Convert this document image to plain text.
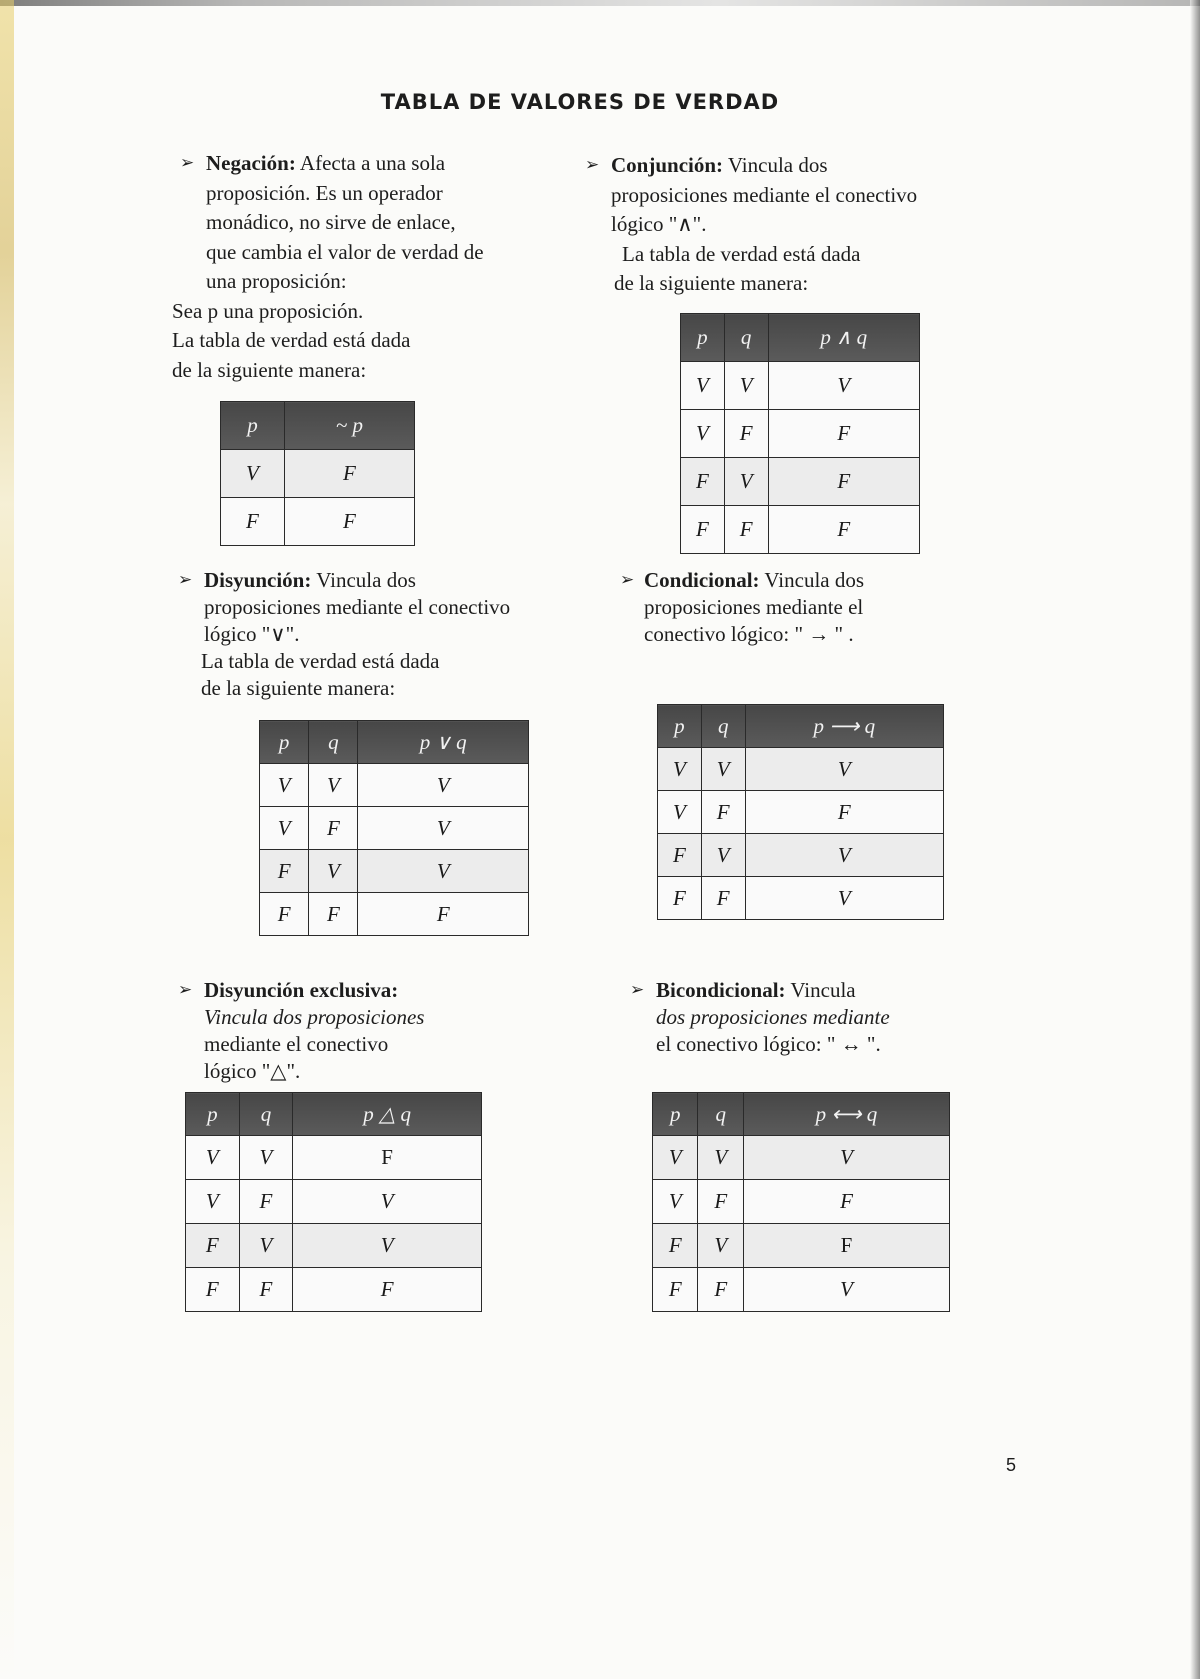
TABLA DE VALORES DE VERDAD
➢ Negación: Afecta a una sola
proposición. Es un operador
monádico, no sirve de enlace,
que cambia el valor de verdad de
una proposición:
Sea p una proposición.
La tabla de verdad está dada
de la siguiente manera:
p	~ p
V	F
F	F
➢ Conjunción: Vincula dos
proposiciones mediante el conectivo
lógico "∧".
La tabla de verdad está dada
de la siguiente manera:
p	q	p ∧ q
V	V	V
V	F	F
F	V	F
F	F	F
➢ Disyunción: Vincula dos
proposiciones mediante el conectivo
lógico "∨".
La tabla de verdad está dada
de la siguiente manera:
p	q	p ∨ q
V	V	V
V	F	V
F	V	V
F	F	F
➢ Condicional: Vincula dos
proposiciones mediante el
conectivo lógico: " → " .
p	q	p ⟶ q
V	V	V
V	F	F
F	V	V
F	F	V
➢ Disyunción exclusiva:
Vincula dos proposiciones
mediante el conectivo
lógico "△".
p	q	p △ q
V	V	F
V	F	V
F	V	V
F	F	F
➢ Bicondicional: Vincula
dos proposiciones mediante
el conectivo lógico: " ↔ ".
p	q	p ⟷ q
V	V	V
V	F	F
F	V	F
F	F	V
5
